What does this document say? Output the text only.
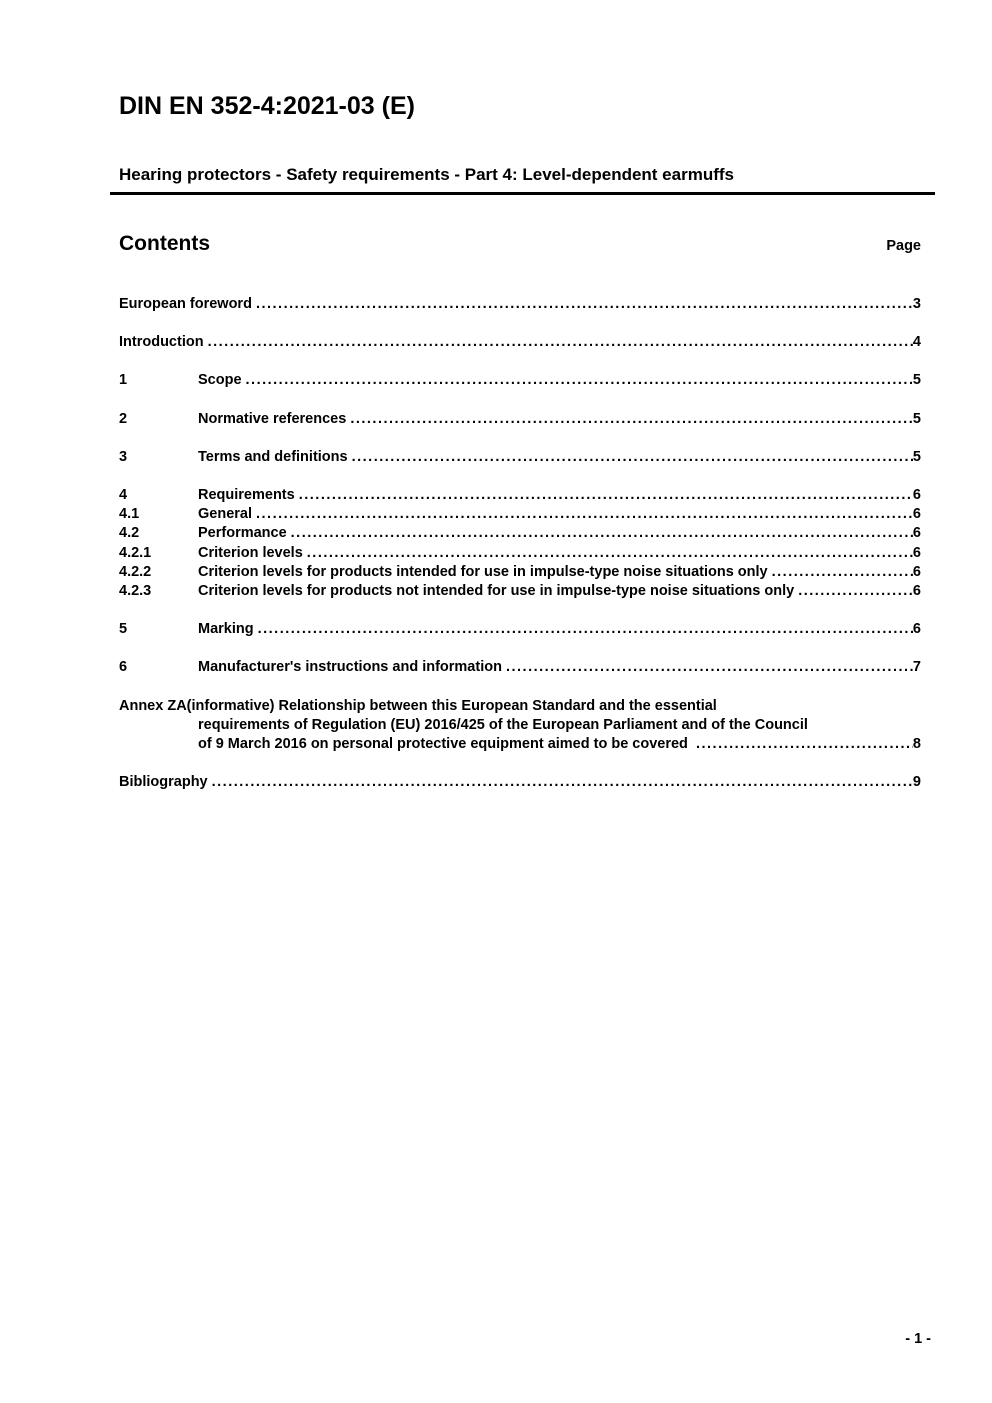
DIN EN 352-4:2021-03 (E)
Hearing protectors - Safety requirements - Part 4: Level-dependent earmuffs
Contents	Page
European foreword .....	3
Introduction .....	4
1	Scope .....	5
2	Normative references .....	5
3	Terms and definitions .....	5
4	Requirements .....	6
4.1	General .....	6
4.2	Performance .....	6
4.2.1	Criterion levels .....	6
4.2.2	Criterion levels for products intended for use in impulse-type noise situations only .....	6
4.2.3	Criterion levels for products not intended for use in impulse-type noise situations only .....	6
5	Marking .....	6
6	Manufacturer's instructions and information .....	7
Annex ZA(informative) Relationship between this European Standard and the essential
requirements of Regulation (EU) 2016/425 of the European Parliament and of the Council
of 9 March 2016 on personal protective equipment aimed to be covered .....	8
Bibliography .....	9
- 1 -
